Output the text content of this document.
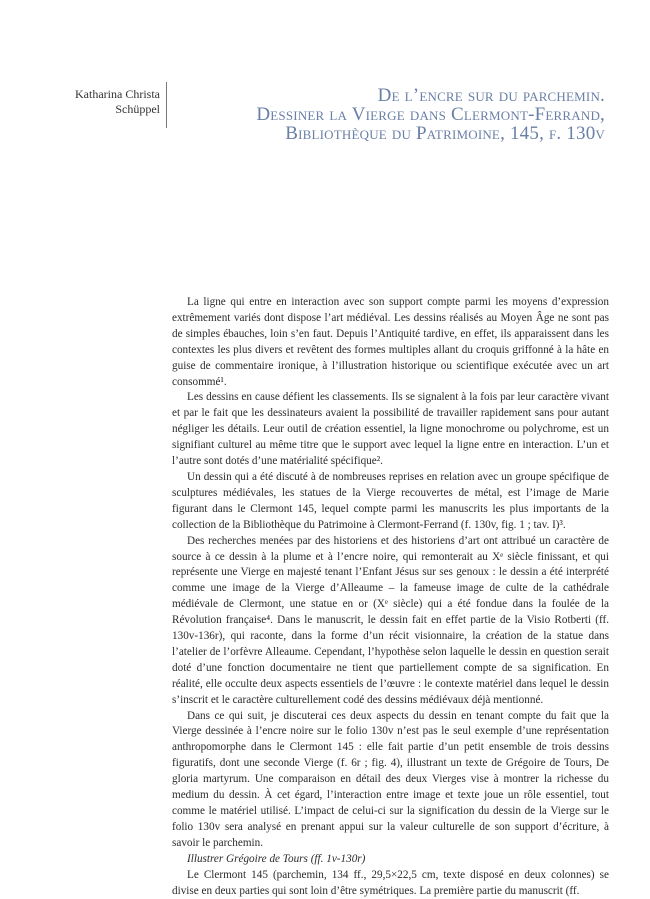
Katharina Christa
Schüppel
De l’encre sur du parchemin.
Dessiner la Vierge dans Clermont-Ferrand,
Bibliothèque du Patrimoine, 145, f. 130v

La ligne qui entre en interaction avec son support compte parmi les moyens d’expression extrêmement variés dont dispose l’art médiéval. Les dessins réalisés au Moyen Âge ne sont pas de simples ébauches, loin s’en faut. Depuis l’Antiquité tardive, en effet, ils apparaissent dans les contextes les plus divers et revêtent des formes multiples allant du croquis griffonné à la hâte en guise de commentaire ironique, à l’illustration historique ou scientifique exécutée avec un art consommé¹.

Les dessins en cause défient les classements. Ils se signalent à la fois par leur caractère vivant et par le fait que les dessinateurs avaient la possibilité de travailler rapidement sans pour autant négliger les détails. Leur outil de création essentiel, la ligne monochrome ou polychrome, est un signifiant culturel au même titre que le support avec lequel la ligne entre en interaction. L’un et l’autre sont dotés d’une matérialité spécifique².

Un dessin qui a été discuté à de nombreuses reprises en relation avec un groupe spécifique de sculptures médiévales, les statues de la Vierge recouvertes de métal, est l’image de Marie figurant dans le Clermont 145, lequel compte parmi les manuscrits les plus importants de la collection de la Bibliothèque du Patrimoine à Clermont-Ferrand (f. 130v, fig. 1 ; tav. I)³.

Des recherches menées par des historiens et des historiens d’art ont attribué un caractère de source à ce dessin à la plume et à l’encre noire, qui remonterait au Xᵉ siècle finissant, et qui représente une Vierge en majesté tenant l’Enfant Jésus sur ses genoux : le dessin a été interprété comme une image de la Vierge d’Alleaume – la fameuse image de culte de la cathédrale médiévale de Clermont, une statue en or (Xᵉ siècle) qui a été fondue dans la foulée de la Révolution française⁴. Dans le manuscrit, le dessin fait en effet partie de la Visio Rotberti (ff. 130v-136r), qui raconte, dans la forme d’un récit visionnaire, la création de la statue dans l’atelier de l’orfèvre Alleaume. Cependant, l’hypothèse selon laquelle le dessin en question serait doté d’une fonction documentaire ne tient que partiellement compte de sa signification. En réalité, elle occulte deux aspects essentiels de l’œuvre : le contexte matériel dans lequel le dessin s’inscrit et le caractère culturellement codé des dessins médiévaux déjà mentionné.

Dans ce qui suit, je discuterai ces deux aspects du dessin en tenant compte du fait que la Vierge dessinée à l’encre noire sur le folio 130v n’est pas le seul exemple d’une représentation anthropomorphe dans le Clermont 145 : elle fait partie d’un petit ensemble de trois dessins figuratifs, dont une seconde Vierge (f. 6r ; fig. 4), illustrant un texte de Grégoire de Tours, De gloria martyrum. Une comparaison en détail des deux Vierges vise à montrer la richesse du medium du dessin. À cet égard, l’interaction entre image et texte joue un rôle essentiel, tout comme le matériel utilisé. L’impact de celui-ci sur la signification du dessin de la Vierge sur le folio 130v sera analysé en prenant appui sur la valeur culturelle de son support d’écriture, à savoir le parchemin.

Illustrer Grégoire de Tours (ff. 1v-130r)

Le Clermont 145 (parchemin, 134 ff., 29,5×22,5 cm, texte disposé en deux colonnes) se divise en deux parties qui sont loin d’être symétriques. La première partie du manuscrit (ff.
